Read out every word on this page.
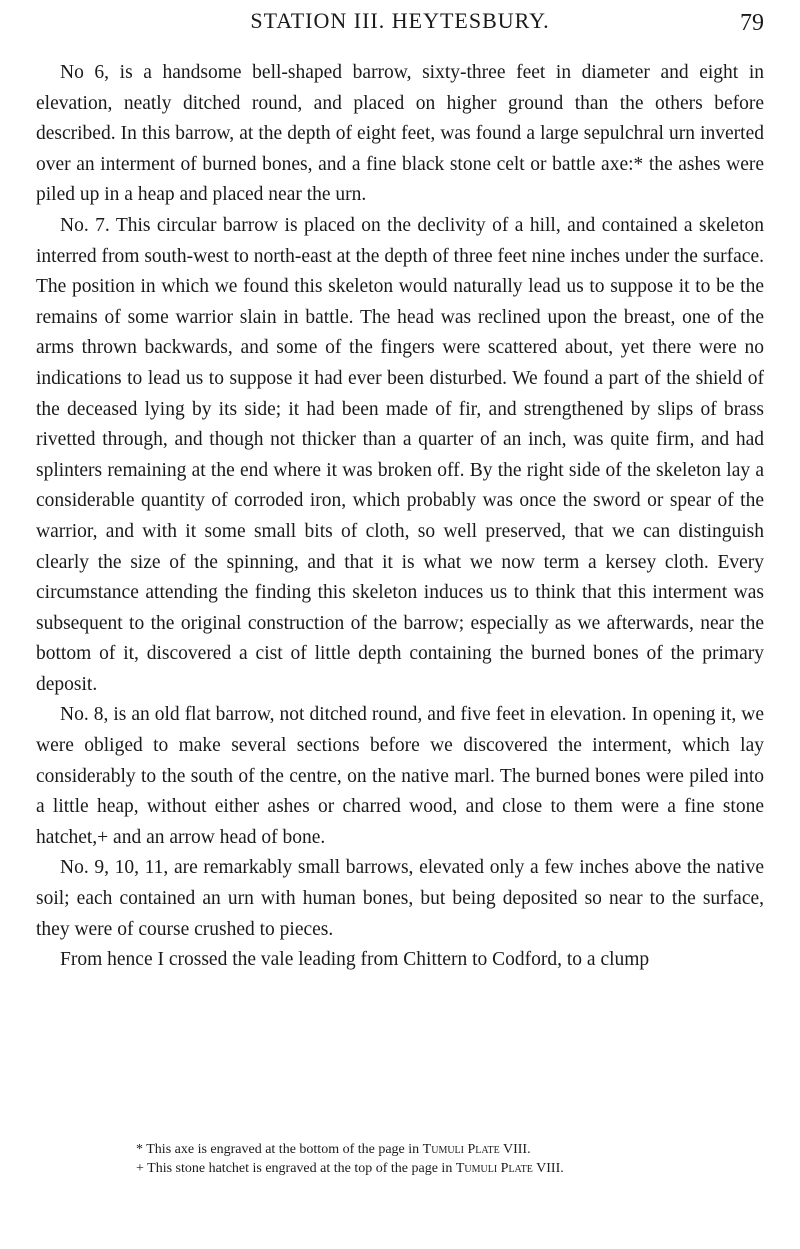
STATION III. HEYTESBURY.	79

No 6, is a handsome bell-shaped barrow, sixty-three feet in diameter and eight in elevation, neatly ditched round, and placed on higher ground than the others before described. In this barrow, at the depth of eight feet, was found a large sepulchral urn inverted over an interment of burned bones, and a fine black stone celt or battle axe:* the ashes were piled up in a heap and placed near the urn.

No. 7. This circular barrow is placed on the declivity of a hill, and contained a skeleton interred from south-west to north-east at the depth of three feet nine inches under the surface. The position in which we found this skeleton would naturally lead us to suppose it to be the remains of some warrior slain in battle. The head was reclined upon the breast, one of the arms thrown backwards, and some of the fingers were scattered about, yet there were no indications to lead us to suppose it had ever been disturbed. We found a part of the shield of the deceased lying by its side; it had been made of fir, and strengthened by slips of brass rivetted through, and though not thicker than a quarter of an inch, was quite firm, and had splinters remaining at the end where it was broken off. By the right side of the skeleton lay a considerable quantity of corroded iron, which probably was once the sword or spear of the warrior, and with it some small bits of cloth, so well preserved, that we can distinguish clearly the size of the spinning, and that it is what we now term a kersey cloth. Every circumstance attending the finding this skeleton induces us to think that this interment was subsequent to the original construction of the barrow; especially as we afterwards, near the bottom of it, discovered a cist of little depth containing the burned bones of the primary deposit.

No. 8, is an old flat barrow, not ditched round, and five feet in elevation. In opening it, we were obliged to make several sections before we discovered the interment, which lay considerably to the south of the centre, on the native marl. The burned bones were piled into a little heap, without either ashes or charred wood, and close to them were a fine stone hatchet,+ and an arrow head of bone.

No. 9, 10, 11, are remarkably small barrows, elevated only a few inches above the native soil; each contained an urn with human bones, but being deposited so near to the surface, they were of course crushed to pieces.

From hence I crossed the vale leading from Chittern to Codford, to a clump

* This axe is engraved at the bottom of the page in Tumuli Plate VIII.

+ This stone hatchet is engraved at the top of the page in Tumuli Plate VIII.
